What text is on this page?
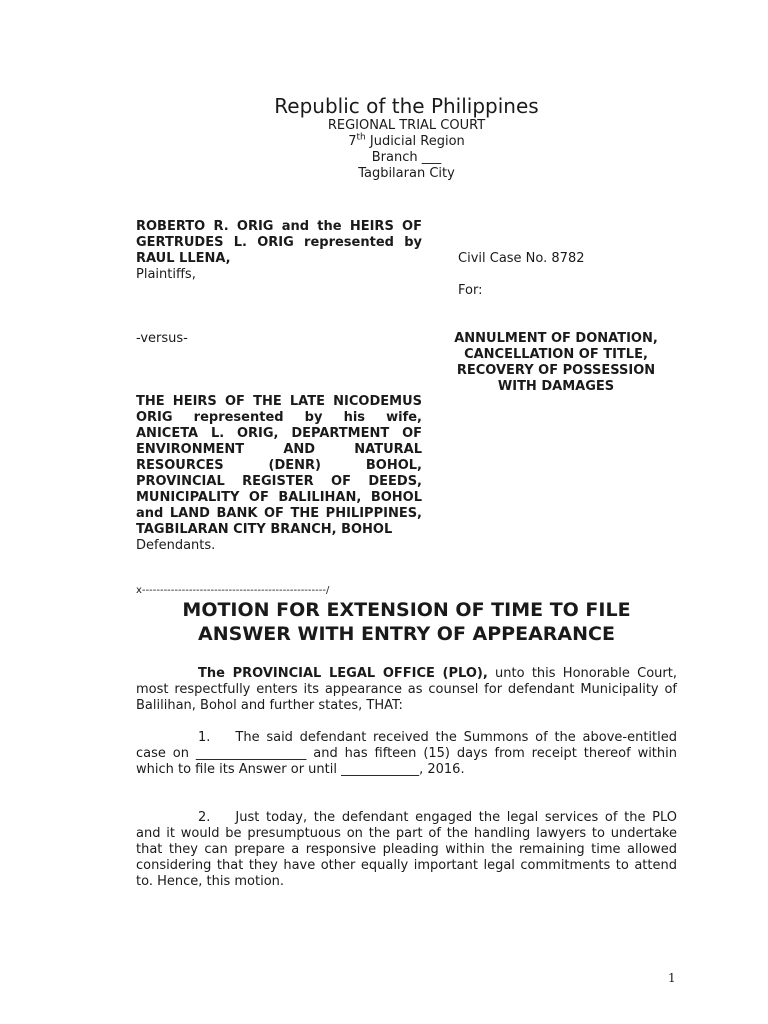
Republic of the Philippines
REGIONAL TRIAL COURT
7th Judicial Region
Branch ___
Tagbilaran City
ROBERTO R. ORIG and the HEIRS OF GERTRUDES L. ORIG represented by RAUL LLENA,
Plaintiffs,
-versus-
THE HEIRS OF THE LATE NICODEMUS ORIG represented by his wife, ANICETA L. ORIG, DEPARTMENT OF ENVIRONMENT AND NATURAL RESOURCES (DENR) BOHOL, PROVINCIAL REGISTER OF DEEDS, MUNICIPALITY OF BALILIHAN, BOHOL and LAND BANK OF THE PHILIPPINES, TAGBILARAN CITY BRANCH, BOHOL
Defendants.
x---------------------------------------------------/
Civil Case No. 8782
For:
ANNULMENT OF DONATION, CANCELLATION OF TITLE, RECOVERY OF POSSESSION WITH DAMAGES
MOTION FOR EXTENSION OF TIME TO FILE
ANSWER WITH ENTRY OF APPEARANCE
The PROVINCIAL LEGAL OFFICE (PLO), unto this Honorable Court, most respectfully enters its appearance as counsel for defendant Municipality of Balilihan, Bohol and further states, THAT:
1. The said defendant received the Summons of the above-entitled case on _________________ and has fifteen (15) days from receipt thereof within which to file its Answer or until ____________, 2016.
2. Just today, the defendant engaged the legal services of the PLO and it would be presumptuous on the part of the handling lawyers to undertake that they can prepare a responsive pleading within the remaining time allowed considering that they have other equally important legal commitments to attend to. Hence, this motion.
1
